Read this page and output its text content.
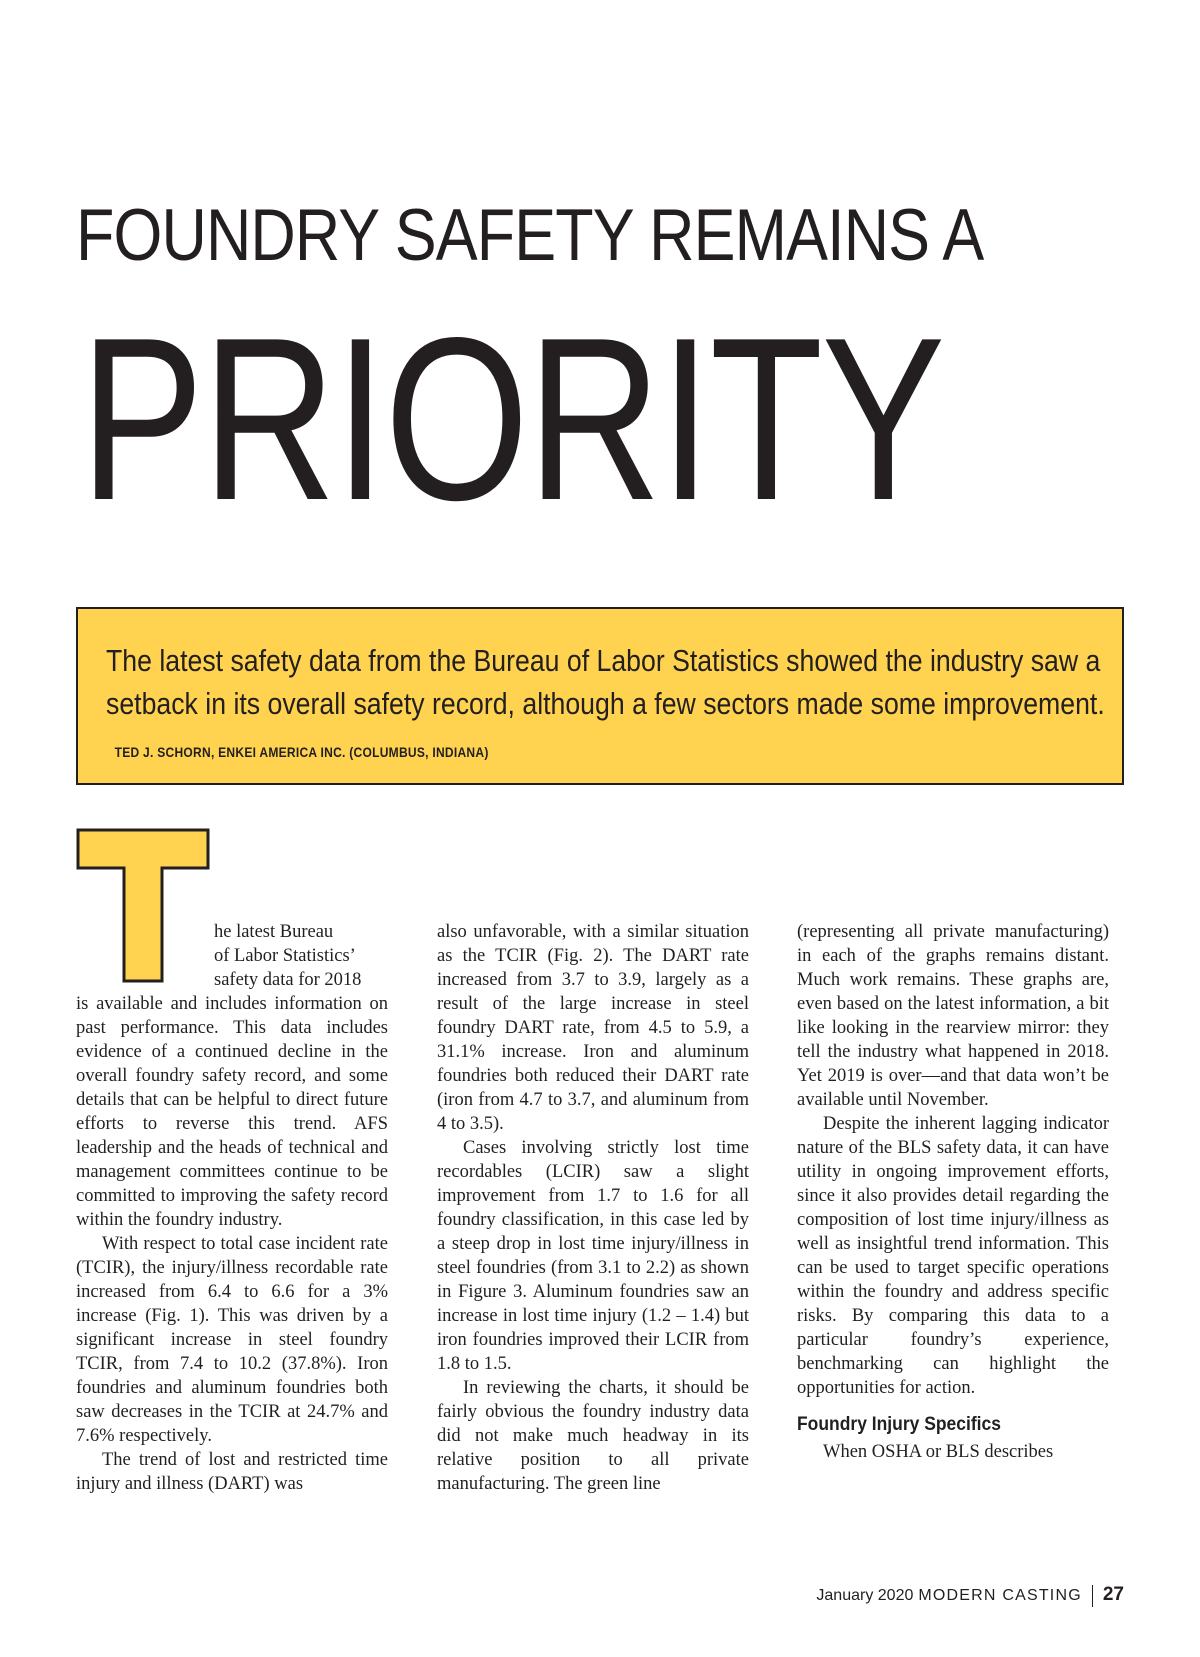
FOUNDRY SAFETY REMAINS A
PRIORITY
The latest safety data from the Bureau of Labor Statistics showed the industry saw a setback in its overall safety record, although a few sectors made some improvement. TED J. SCHORN, ENKEI AMERICA INC. (COLUMBUS, INDIANA)
he latest Bureau
of Labor Statistics’
safety data for 2018

is available and includes information on past performance. This data includes evidence of a continued decline in the overall foundry safety record, and some details that can be helpful to direct future efforts to reverse this trend. AFS leadership and the heads of technical and management committees continue to be committed to improving the safety record within the foundry industry.

With respect to total case incident rate (TCIR), the injury/illness recordable rate increased from 6.4 to 6.6 for a 3% increase (Fig. 1). This was driven by a significant increase in steel foundry TCIR, from 7.4 to 10.2 (37.8%). Iron foundries and aluminum foundries both saw decreases in the TCIR at 24.7% and 7.6% respectively.

The trend of lost and restricted time injury and illness (DART) was

also unfavorable, with a similar situation as the TCIR (Fig. 2). The DART rate increased from 3.7 to 3.9, largely as a result of the large increase in steel foundry DART rate, from 4.5 to 5.9, a 31.1% increase. Iron and aluminum foundries both reduced their DART rate (iron from 4.7 to 3.7, and aluminum from 4 to 3.5).

Cases involving strictly lost time recordables (LCIR) saw a slight improvement from 1.7 to 1.6 for all foundry classification, in this case led by a steep drop in lost time injury/illness in steel foundries (from 3.1 to 2.2) as shown in Figure 3. Aluminum foundries saw an increase in lost time injury (1.2 – 1.4) but iron foundries improved their LCIR from 1.8 to 1.5.

In reviewing the charts, it should be fairly obvious the foundry industry data did not make much headway in its relative position to all private manufacturing. The green line

(representing all private manufacturing) in each of the graphs remains distant. Much work remains. These graphs are, even based on the latest information, a bit like looking in the rearview mirror: they tell the industry what happened in 2018. Yet 2019 is over—and that data won’t be available until November.

Despite the inherent lagging indicator nature of the BLS safety data, it can have utility in ongoing improvement efforts, since it also provides detail regarding the composition of lost time injury/illness as well as insightful trend information. This can be used to target specific operations within the foundry and address specific risks. By comparing this data to a particular foundry’s experience, benchmarking can highlight the opportunities for action.

Foundry Injury Specifics

When OSHA or BLS describes

January 2020 MODERN CASTING 27
